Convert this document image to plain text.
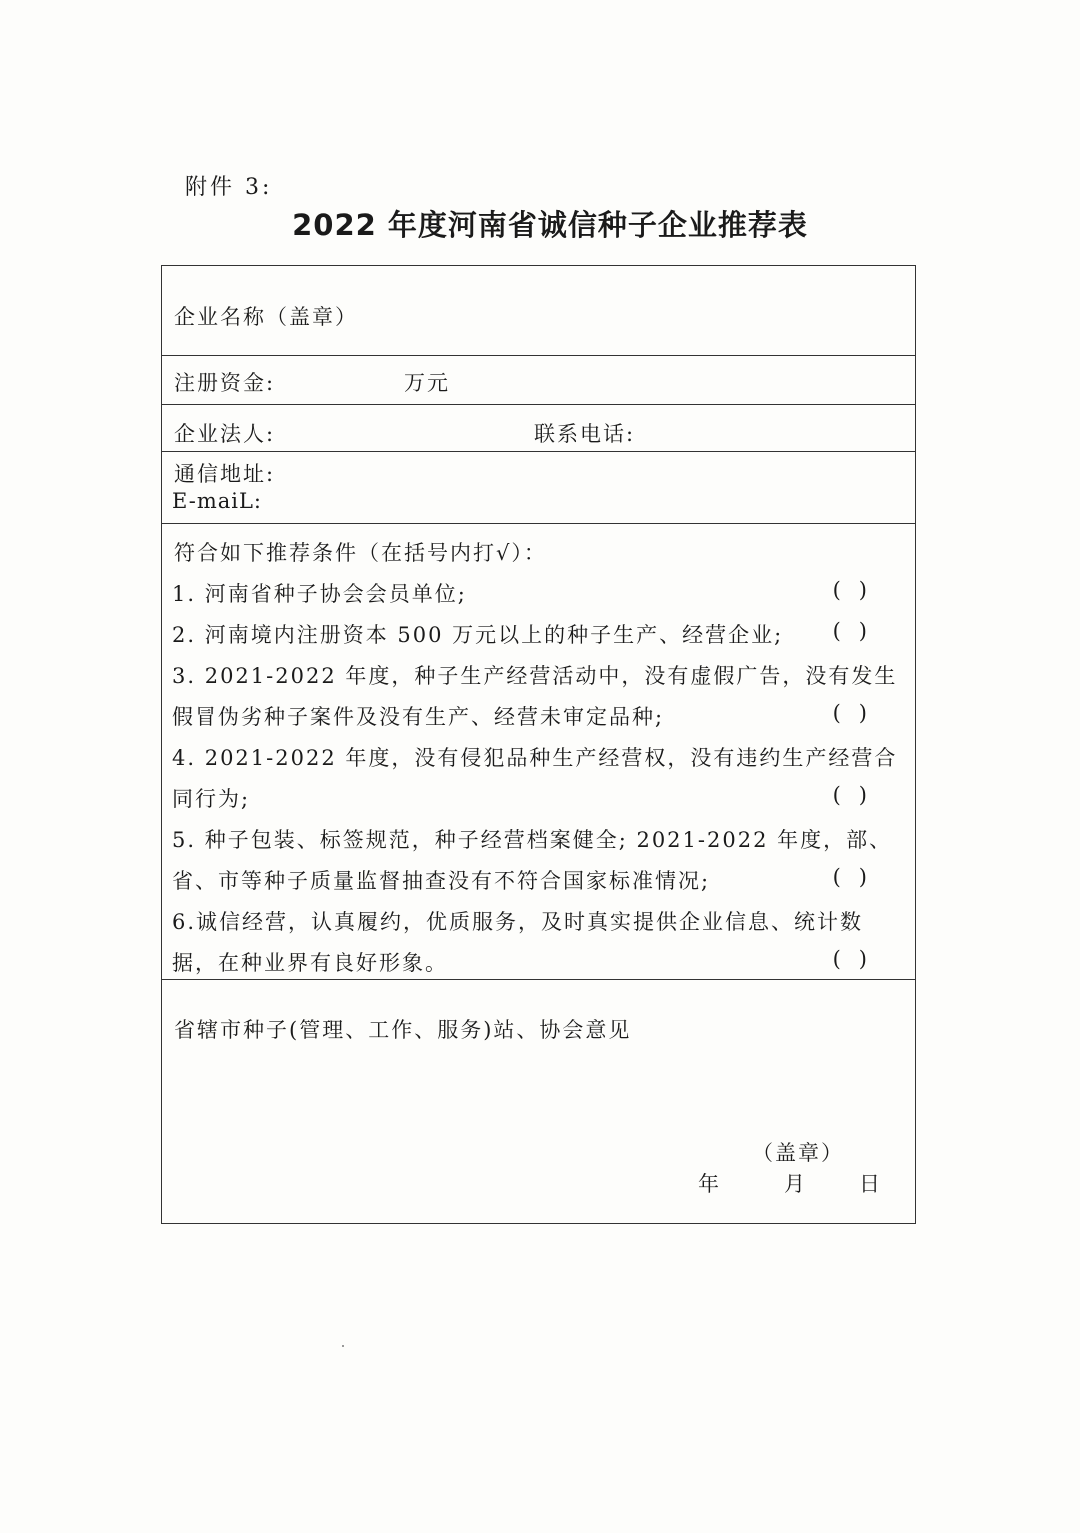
附件 3:
2022 年度河南省诚信种子企业推荐表
企业名称（盖章）
注册资金:	万元
企业法人:	联系电话:
通信地址:
E-maiL:
符合如下推荐条件（在括号内打√）：
1. 河南省种子协会会员单位;	()
2. 河南境内注册资本 500 万元以上的种子生产、经营企业;	()
3. 2021-2022 年度，种子生产经营活动中，没有虚假广告，没有发生
假冒伪劣种子案件及没有生产、经营未审定品种;	()
4. 2021-2022 年度，没有侵犯品种生产经营权，没有违约生产经营合
同行为;	()
5. 种子包装、标签规范，种子经营档案健全; 2021-2022 年度，部、
省、市等种子质量监督抽查没有不符合国家标准情况;	()
6.诚信经营，认真履约，优质服务，及时真实提供企业信息、统计数
据，在种业界有良好形象。	()
省辖市种子(管理、工作、服务)站、协会意见
（盖章）
年	月 日
